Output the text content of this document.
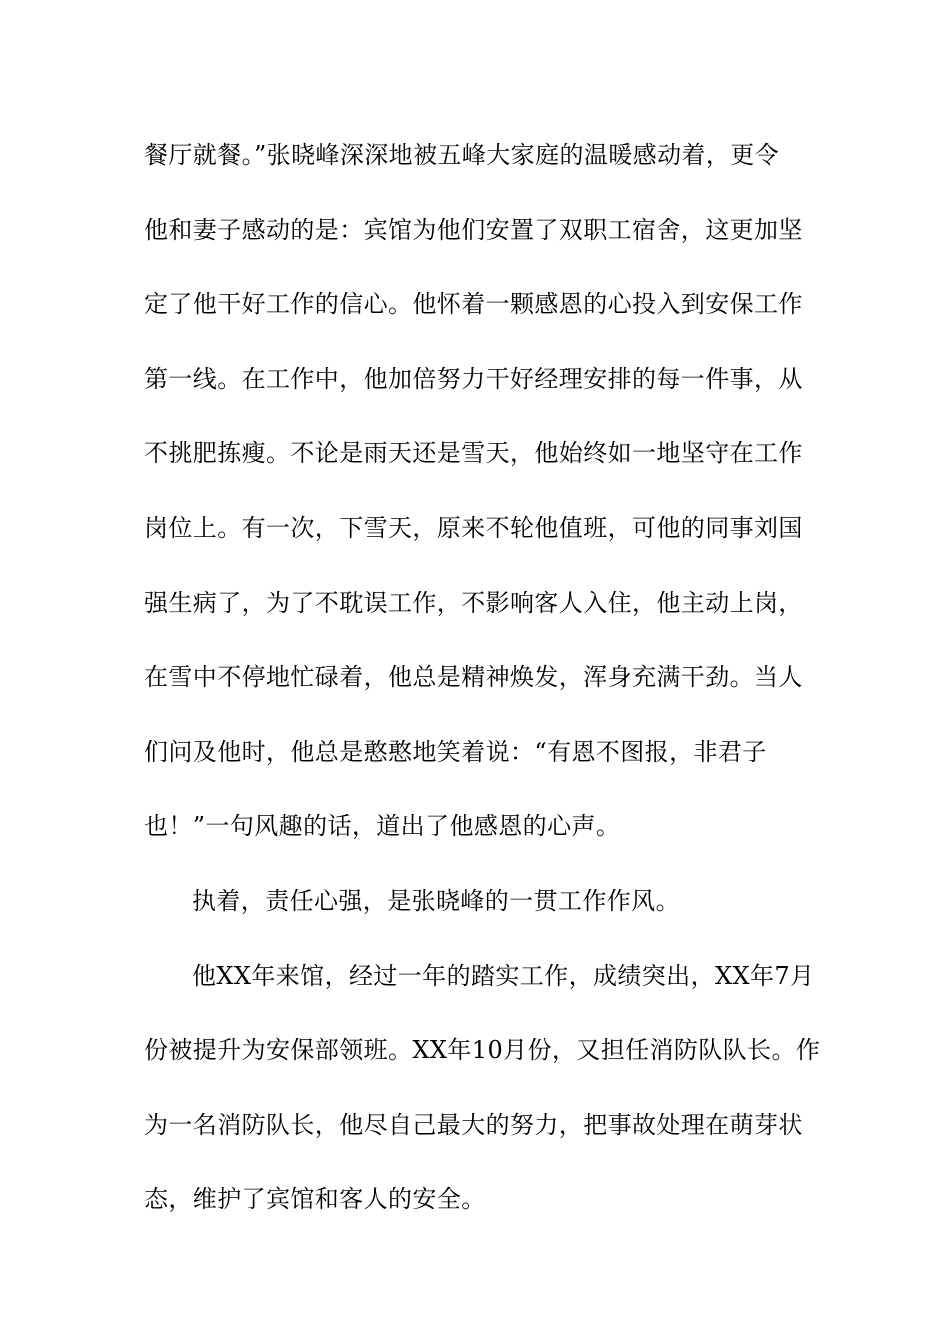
餐厅就餐。”张晓峰深深地被五峰大家庭的温暖感动着，更令
他和妻子感动的是：宾馆为他们安置了双职工宿舍，这更加坚
定了他干好工作的信心。他怀着一颗感恩的心投入到安保工作
第一线。在工作中，他加倍努力干好经理安排的每一件事，从
不挑肥拣瘦。不论是雨天还是雪天，他始终如一地坚守在工作
岗位上。有一次，下雪天，原来不轮他值班，可他的同事刘国
强生病了，为了不耽误工作，不影响客人入住，他主动上岗，
在雪中不停地忙碌着，他总是精神焕发，浑身充满干劲。当人
们问及他时，他总是憨憨地笑着说：“有恩不图报，非君子
也！”一句风趣的话，道出了他感恩的心声。
执着，责任心强，是张晓峰的一贯工作作风。
他XX年来馆，经过一年的踏实工作，成绩突出，XX年7月
份被提升为安保部领班。XX年10月份，又担任消防队队长。作
为一名消防队长，他尽自己最大的努力，把事故处理在萌芽状
态，维护了宾馆和客人的安全。
